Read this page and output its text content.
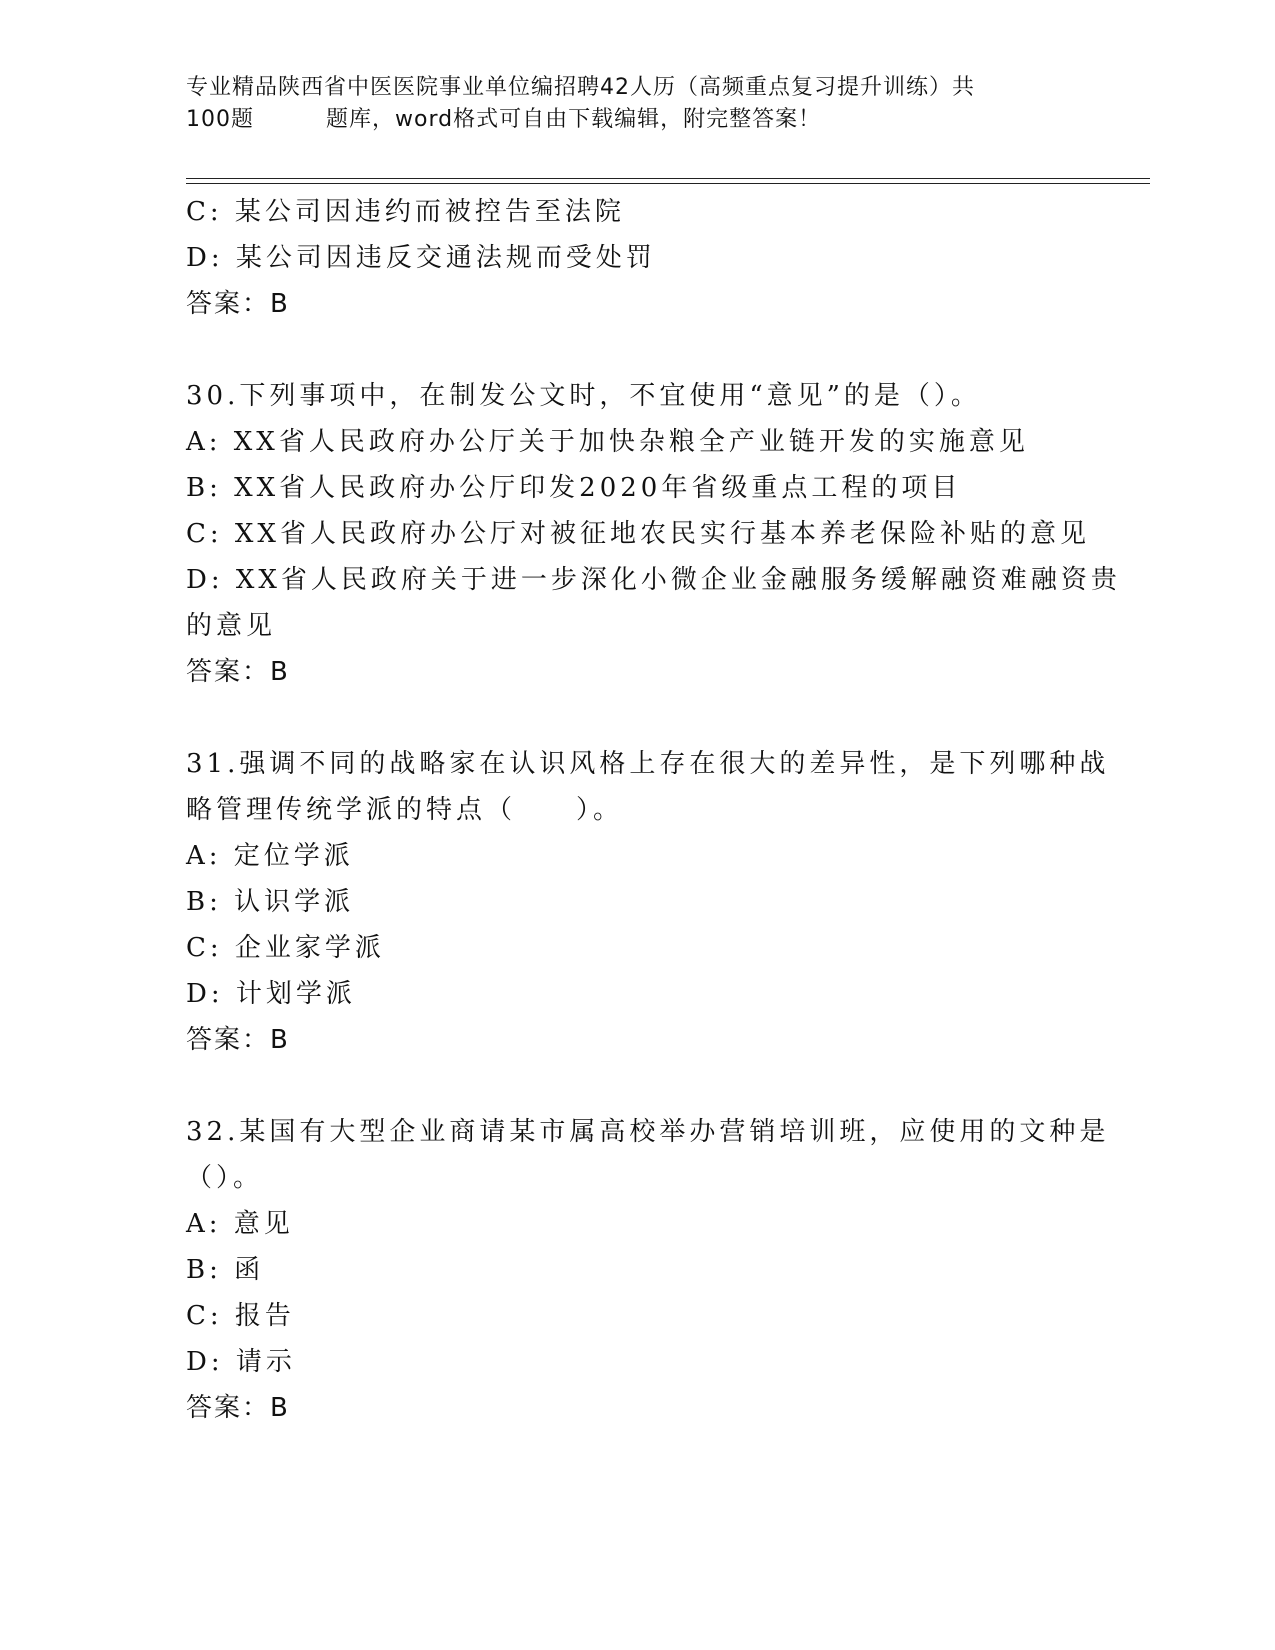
专业精品陕西省中医医院事业单位编招聘42人历（高频重点复习提升训练）共
100题	题库，word格式可自由下载编辑，附完整答案！
C: 某公司因违约而被控告至法院
D: 某公司因违反交通法规而受处罚
答案：B
30.下列事项中，在制发公文时，不宜使用“意见”的是（）。
A: XX省人民政府办公厅关于加快杂粮全产业链开发的实施意见
B: XX省人民政府办公厅印发2020年省级重点工程的项目
C: XX省人民政府办公厅对被征地农民实行基本养老保险补贴的意见
D: XX省人民政府关于进一步深化小微企业金融服务缓解融资难融资贵
的意见
答案：B
31.强调不同的战略家在认识风格上存在很大的差异性，是下列哪种战
略管理传统学派的特点（　　）。
A: 定位学派
B: 认识学派
C: 企业家学派
D: 计划学派
答案：B
32.某国有大型企业商请某市属高校举办营销培训班，应使用的文种是
（）。
A: 意见
B: 函
C: 报告
D: 请示
答案：B
